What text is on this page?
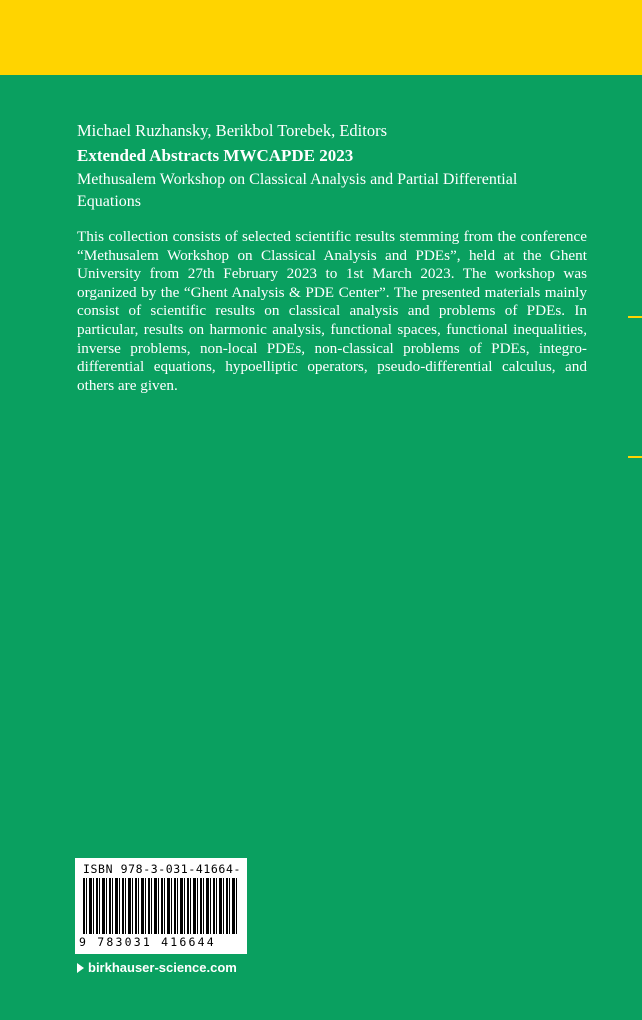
Michael Ruzhansky, Berikbol Torebek, Editors
Extended Abstracts MWCAPDE 2023
Methusalem Workshop on Classical Analysis and Partial Differential Equations
This collection consists of selected scientific results stemming from the conference “Methusalem Workshop on Classical Analysis and PDEs”, held at the Ghent University from 27th February 2023 to 1st March 2023. The workshop was organized by the “Ghent Analysis & PDE Center”. The presented materials mainly consist of scientific results on classical analysis and problems of PDEs. In particular, results on harmonic analysis, functional spaces, functional inequalities, inverse problems, non-local PDEs, non-classical problems of PDEs, integro-differential equations, hypoelliptic operators, pseudo-differential calculus, and others are given.
ISBN 978-3-031-41664-
9 783031 416644
birkhauser-science.com
